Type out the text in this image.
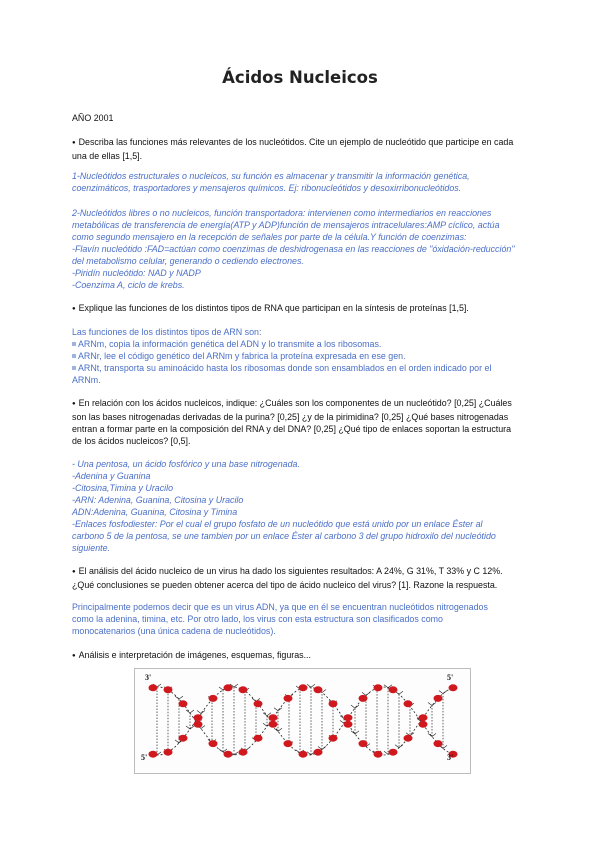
Ácidos Nucleicos
AÑO 2001
● Describa las funciones más relevantes de los nucleótidos. Cite un ejemplo de nucleótido que participe en cada
una de ellas [1,5].
1-Nucleótidos estructurales o nucleicos, su función es almacenar y transmitir la información genética,
coenzimáticos, trasportadores y mensajeros químicos. Ej: ribonucleótidos y desoxirribonucleótidos.
2-Nucleótidos libres o no nucleicos, función transportadora: intervienen como intermediarios en reacciones
metabólicas de transferencia de energía(ATP y ADP)función de mensajeros intracelulares:AMP cíclico, actúa
como segundo mensajero en la recepción de señales por parte de la célula.Y función de coenzimas:
-Flavín nucleótido :FAD=actúan como coenzimas de deshidrogenasa en las reacciones de "óxidación-reducción"
del metabolismo celular, generando o cediendo electrones.
-Piridín nucleótido: NAD y NADP
-Coenzima A, ciclo de krebs.
● Explique las funciones de los distintos tipos de RNA que participan en la síntesis de proteínas [1,5].
Las funciones de los distintos tipos de ARN son:
ARNm, copia la información genética del ADN y lo transmite a los ribosomas.
ARNr, lee el código genético del ARNm y fabrica la proteína expresada en ese gen.
ARNt, transporta su aminoácido hasta los ribosomas donde son ensamblados en el orden indicado por el
ARNm.
● En relación con los ácidos nucleicos, indique: ¿Cuáles son los componentes de un nucleótido? [0,25] ¿Cuáles
son las bases nitrogenadas derivadas de la purina? [0,25] ¿y de la pirimidina? [0,25] ¿Qué bases nitrogenadas
entran a formar parte en la composición del RNA y del DNA? [0,25] ¿Qué tipo de enlaces soportan la estructura
de los ácidos nucleicos? [0,5].
- Una pentosa, un ácido fosfórico y una base nitrogenada.
-Adenina y Guanina
-Citosina,Timina y Uracilo
-ARN: Adenina, Guanina, Citosina y Uracilo
ADN:Adenina, Guanina, Citosina y Timina
-Enlaces fosfodiester: Por el cual el grupo fosfato de un nucleótido que está unido por un enlace Éster al
carbono 5 de la pentosa, se une tambien por un enlace Éster al carbono 3 del grupo hidroxilo del nucleótido
siguiente.
● El análisis del ácido nucleico de un virus ha dado los siguientes resultados: A 24%, G 31%, T 33% y C 12%.
¿Qué conclusiones se pueden obtener acerca del tipo de ácido nucleico del virus? [1]. Razone la respuesta.
Principalmente podemos decir que es un virus ADN, ya que en él se encuentran nucleótidos nitrogenados
como la adenina, timina, etc. Por otro lado, los virus con esta estructura son clasificados como
monocatenarios (una única cadena de nucleótidos).
● Análisis e interpretación de imágenes, esquemas, figuras...
3'	5'
5'	3'
